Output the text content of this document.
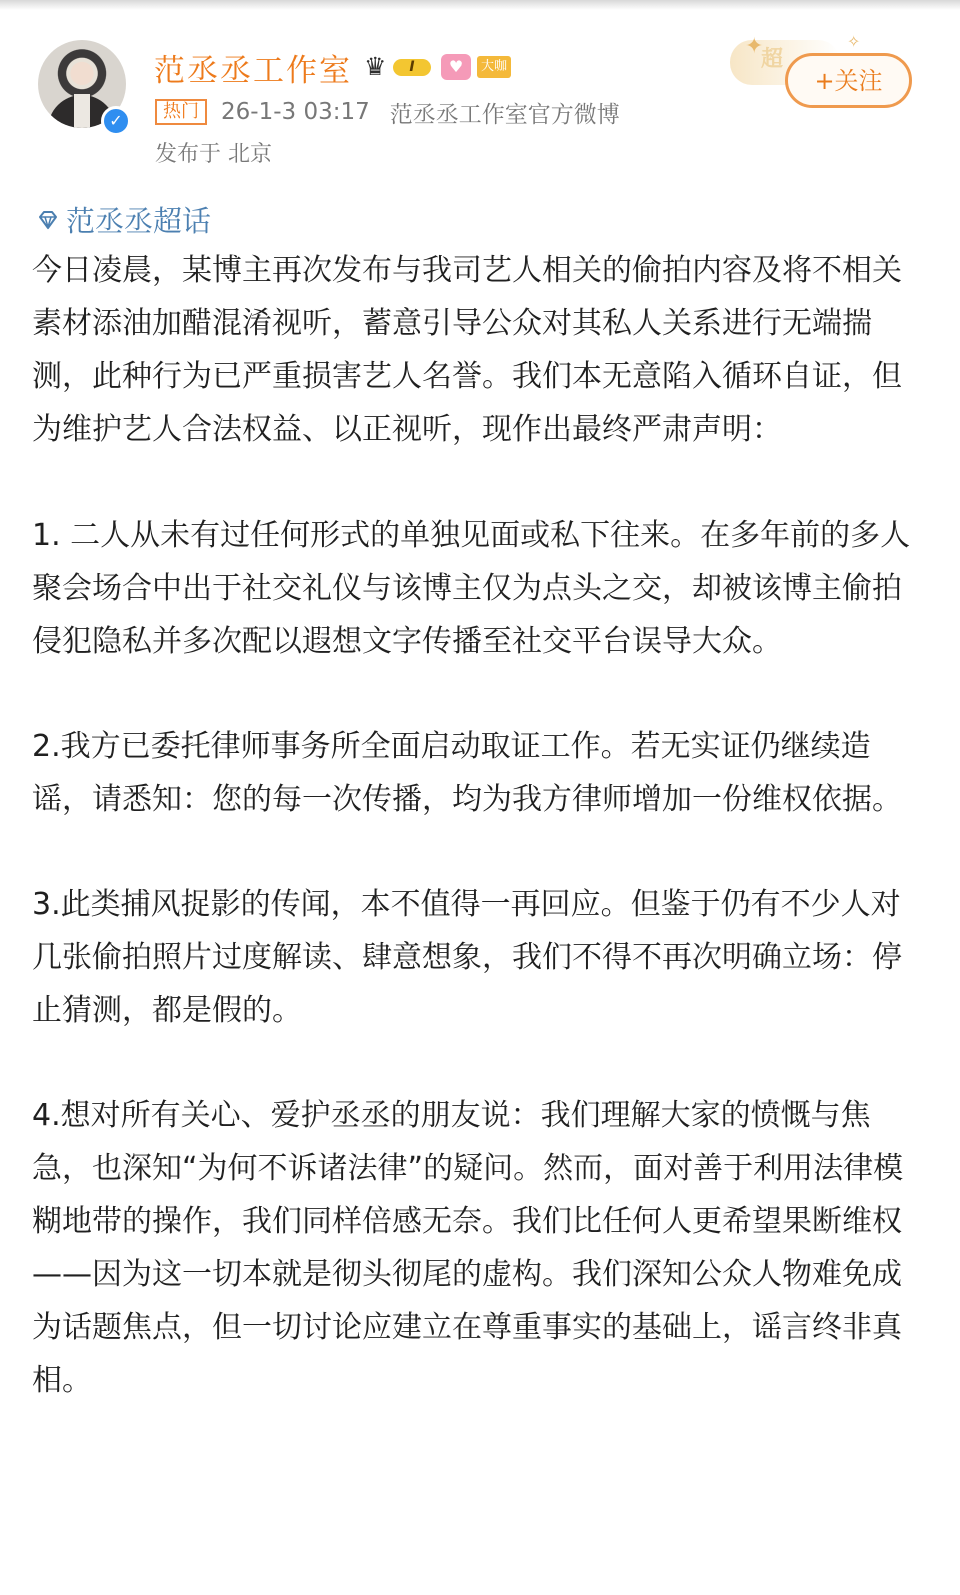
✓
范丞丞工作室 ♛	I	♥	大咖
热门 26-1-3 03:17 范丞丞工作室官方微博
发布于 北京
超
✦	✧
+关注
范丞丞超话

今日凌晨，某博主再次发布与我司艺人相关的偷拍内容及将不相关素材添油加醋混淆视听，蓄意引导公众对其私人关系进行无端揣测，此种行为已严重损害艺人名誉。我们本无意陷入循环自证，但为维护艺人合法权益、以正视听，现作出最终严肃声明：

1. 二人从未有过任何形式的单独见面或私下往来。在多年前的多人聚会场合中出于社交礼仪与该博主仅为点头之交，却被该博主偷拍侵犯隐私并多次配以遐想文字传播至社交平台误导大众。

2.我方已委托律师事务所全面启动取证工作。若无实证仍继续造谣，请悉知：您的每一次传播，均为我方律师增加一份维权依据。

3.此类捕风捉影的传闻，本不值得一再回应。但鉴于仍有不少人对几张偷拍照片过度解读、肆意想象，我们不得不再次明确立场：停止猜测，都是假的。

4.想对所有关心、爱护丞丞的朋友说：我们理解大家的愤慨与焦急，也深知“为何不诉诸法律”的疑问。然而，面对善于利用法律模糊地带的操作，我们同样倍感无奈。我们比任何人更希望果断维权——因为这一切本就是彻头彻尾的虚构。我们深知公众人物难免成为话题焦点，但一切讨论应建立在尊重事实的基础上，谣言终非真相。
